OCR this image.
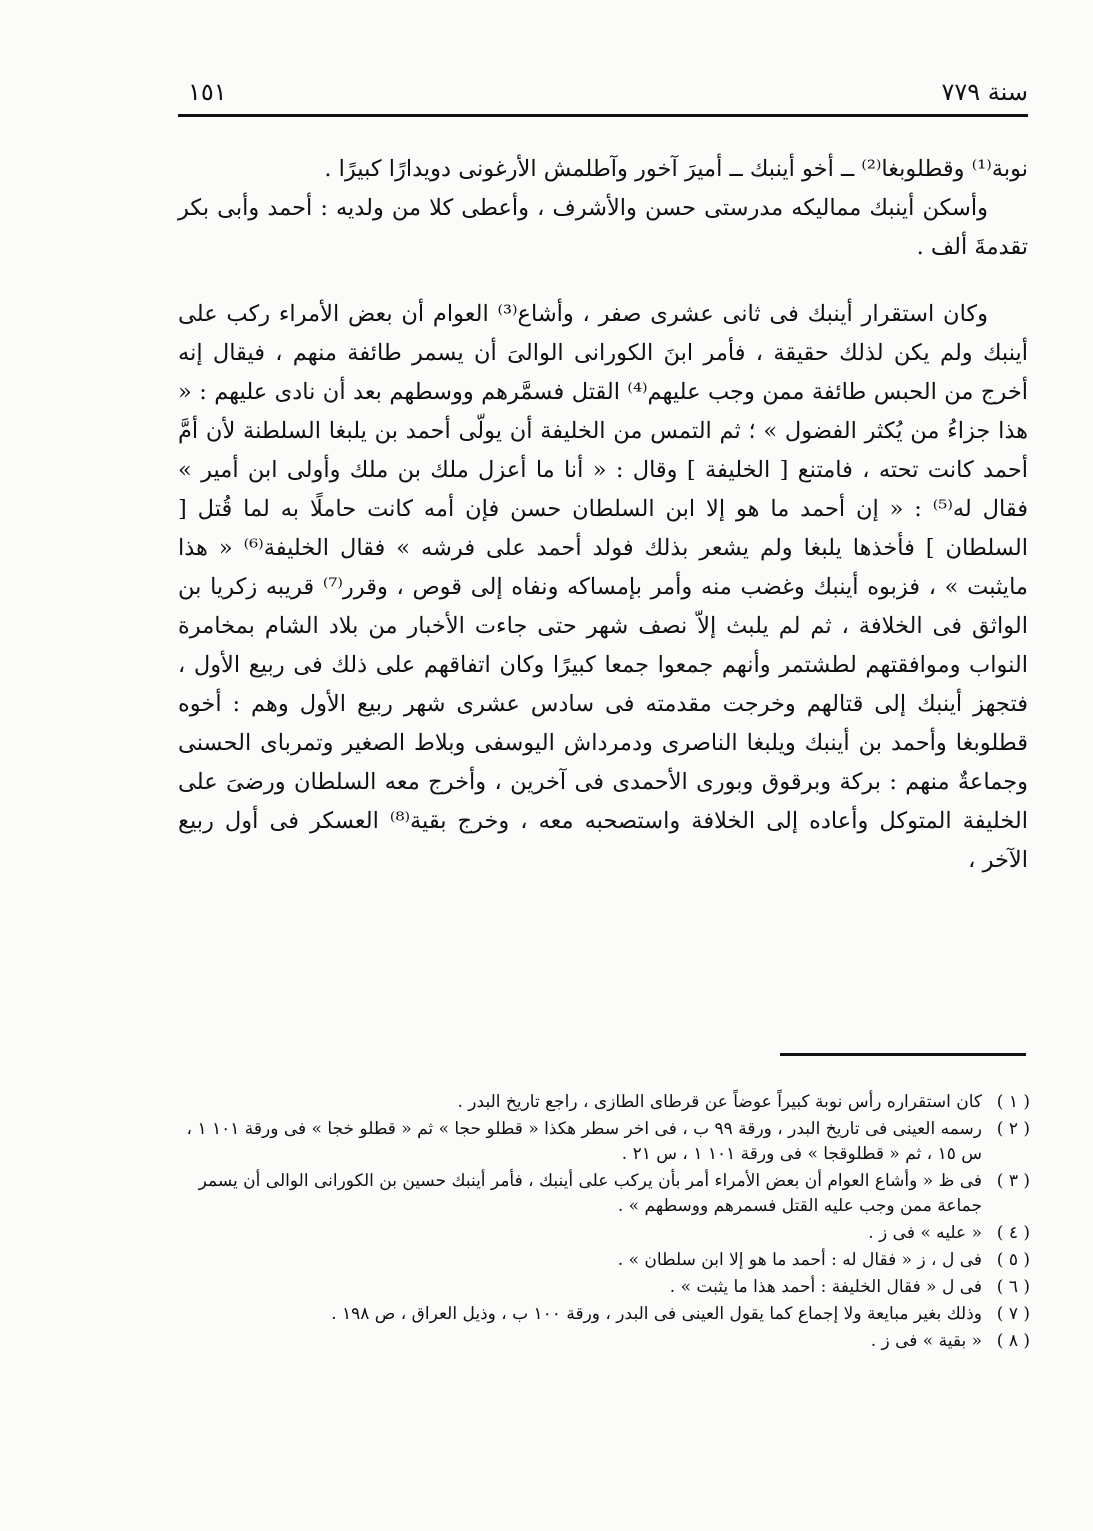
سنة ٧٧٩
١٥١

نوبة⁽¹⁾ وقطلوبغا⁽²⁾ ــ أخو أينبك ــ أميرَ آخور وآطلمش الأرغونى دويدارًا كبيرًا .

وأسكن أينبك مماليكه مدرستى حسن والأشرف ، وأعطى كلا من ولديه : أحمد وأبى بكر تقدمةَ ألف .

وكان استقرار أينبك فى ثانى عشرى صفر ، وأشاع⁽³⁾ العوام أن بعض الأمراء ركب على أينبك ولم يكن لذلك حقيقة ، فأمر ابنَ الكورانى الوالىَ أن يسمر طائفة منهم ، فيقال إنه أخرج من الحبس طائفة ممن وجب عليهم⁽⁴⁾ القتل فسمَّرهم ووسطهم بعد أن نادى عليهم : « هذا جزاءُ من يُكثر الفضول » ؛ ثم التمس من الخليفة أن يولّى أحمد بن يلبغا السلطنة لأن أمَّ أحمد كانت تحته ، فامتنع [ الخليفة ] وقال : « أنا ما أعزل ملك بن ملك وأولى ابن أمير » فقال له⁽⁵⁾ : « إن أحمد ما هو إلا ابن السلطان حسن فإن أمه كانت حاملًا به لما قُتل [ السلطان ] فأخذها يلبغا ولم يشعر بذلك فولد أحمد على فرشه » فقال الخليفة⁽⁶⁾ « هذا مايثبت » ، فزبوه أينبك وغضب منه وأمر بإمساكه ونفاه إلى قوص ، وقرر⁽⁷⁾ قريبه زكريا بن الواثق فى الخلافة ، ثم لم يلبث إلاّ نصف شهر حتى جاءت الأخبار من بلاد الشام بمخامرة النواب وموافقتهم لطشتمر وأنهم جمعوا جمعا كبيرًا وكان اتفاقهم على ذلك فى ربيع الأول ، فتجهز أينبك إلى قتالهم وخرجت مقدمته فى سادس عشرى شهر ربيع الأول وهم : أخوه قطلوبغا وأحمد بن أينبك ويلبغا الناصرى ودمرداش اليوسفى وبلاط الصغير وتمرباى الحسنى وجماعةٌ منهم : بركة وبرقوق وبورى الأحمدى فى آخرين ، وأخرج معه السلطان ورضىَ على الخليفة المتوكل وأعاده إلى الخلافة واستصحبه معه ، وخرج بقية⁽⁸⁾ العسكر فى أول ربيع الآخر ،

( ١ )
كان استقراره رأس نوبة كبيراً عوضاً عن قرطاى الطازى ، راجع تاريخ البدر .
( ٢ )
رسمه العينى فى تاريخ البدر ، ورقة ٩٩ ب ، فى اخر سطر هكذا « قطلو حجا » ثم « قطلو خجا » فى ورقة ١٠١ ١ ، س ١٥ ، ثم « قطلوقجا » فى ورقة ١٠١ ١ ، س ٢١ .
( ٣ )
فى ظ « وأشاع العوام أن بعض الأمراء أمر بأن يركب على أينبك ، فأمر أينبك حسين بن الكورانى الوالى أن يسمر جماعة ممن وجب عليه القتل فسمرهم ووسطهم » .
( ٤ )
« عليه » فى ز .
( ٥ )
فى ل ، ز « فقال له : أحمد ما هو إلا ابن سلطان » .
( ٦ )
فى ل « فقال الخليفة : أحمد هذا ما يثبت » .
( ٧ )
وذلك بغير مبايعة ولا إجماع كما يقول العينى فى البدر ، ورقة ١٠٠ ب ، وذيل العراق ، ص ١٩٨ .
( ٨ )
« بقية » فى ز .
